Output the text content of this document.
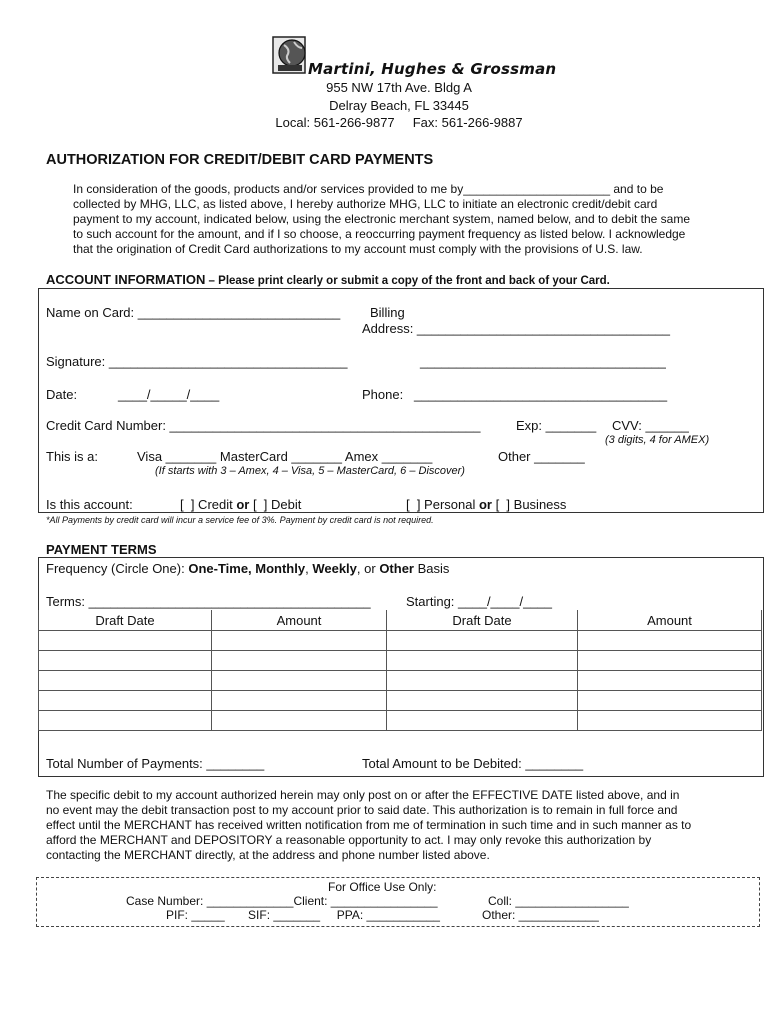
Martini, Hughes & Grossman
955 NW 17th Ave. Bldg A
Delray Beach, FL 33445
Local: 561-266-9877     Fax: 561-266-9887
AUTHORIZATION FOR CREDIT/DEBIT CARD PAYMENTS
In consideration of the goods, products and/or services provided to me by______________________ and to be
collected by MHG, LLC, as listed above, I hereby authorize MHG, LLC to initiate an electronic credit/debit card
payment to my account, indicated below, using the electronic merchant system, named below, and to debit the same
to such account for the amount, and if I so choose, a reoccurring payment frequency as listed below. I acknowledge
that the origination of Credit Card authorizations to my account must comply with the provisions of U.S. law.
ACCOUNT INFORMATION – Please print clearly or submit a copy of the front and back of your Card.
Name on Card: ____________________________ Billing
Address: ___________________________________
Signature: _________________________________	__________________________________
Date:	____/_____/____	Phone:   ___________________________________
Credit Card Number: ___________________________________________	Exp: _______ CVV: ______
(3 digits, 4 for AMEX)
This is a:	Visa _______ MasterCard _______ Amex _______	Other _______
(If starts with 3 – Amex, 4 – Visa, 5 – MasterCard, 6 – Discover)
Is this account:	[  ] Credit or [  ] Debit	[  ] Personal or [  ] Business
*All Payments by credit card will incur a service fee of 3%. Payment by credit card is not required.
PAYMENT TERMS
Frequency (Circle One): One-Time, Monthly, Weekly, or Other Basis
Terms: _______________________________________	Starting: ____/____/____
Draft Date	Amount	Draft Date	Amount

Total Number of Payments: ________	Total Amount to be Debited: ________
The specific debit to my account authorized herein may only post on or after the EFFECTIVE DATE listed above, and in
no event may the debit transaction post to my account prior to said date. This authorization is to remain in full force and
effect until the MERCHANT has received written notification from me of termination in such time and in such manner as to
afford the MERCHANT and DEPOSITORY a reasonable opportunity to act. I may only revoke this authorization by
contacting the MERCHANT directly, at the address and phone number listed above.
For Office Use Only:
Case Number: _____________Client: ________________	Coll: _________________
PIF: _____       SIF: _______     PPA: ___________	Other: ____________
